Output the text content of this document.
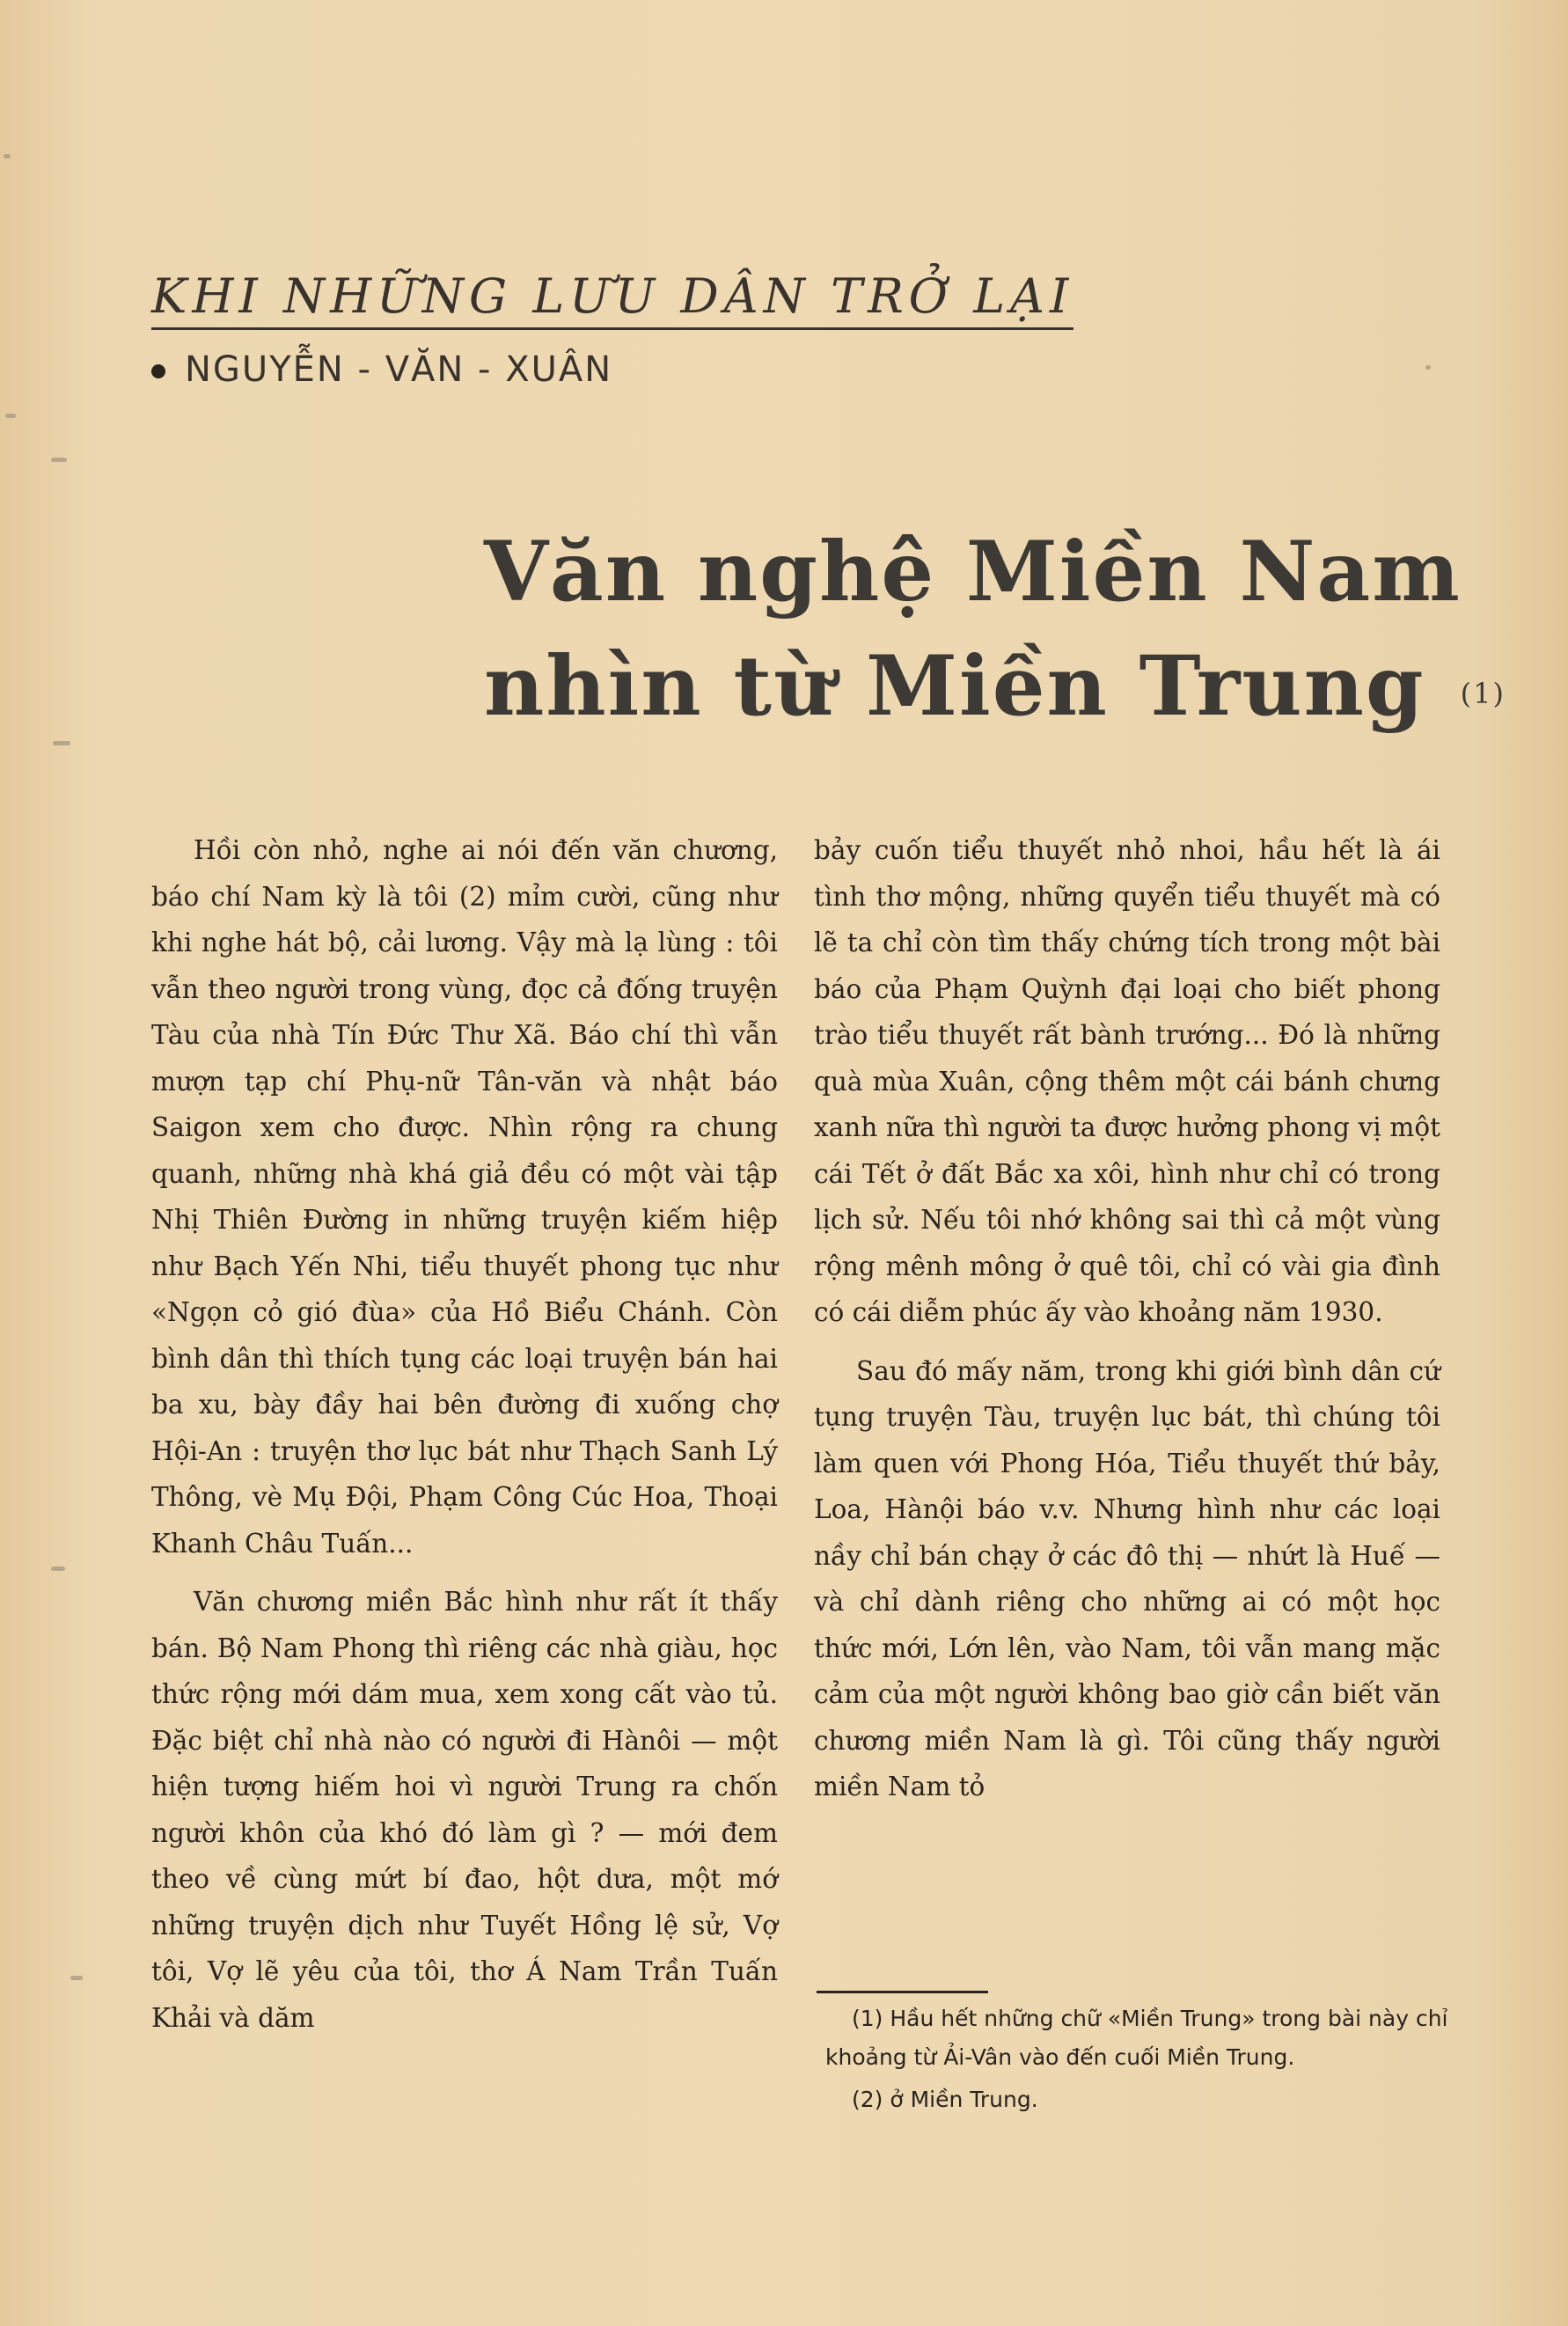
KHI NHỮNG LƯU DÂN TRỞ LẠI
NGUYỄN - VĂN - XUÂN
Văn nghệ Miền Nam
nhìn từ Miền Trung (1)

Hồi còn nhỏ, nghe ai nói đến văn chương, báo chí Nam kỳ là tôi (2) mỉm cười, cũng như khi nghe hát bộ, cải lương. Vậy mà lạ lùng : tôi vẫn theo người trong vùng, đọc cả đống truyện Tàu của nhà Tín Đức Thư Xã. Báo chí thì vẫn mượn tạp chí Phụ-nữ Tân-văn và nhật báo Saigon xem cho được. Nhìn rộng ra chung quanh, những nhà khá giả đều có một vài tập Nhị Thiên Đường in những truyện kiếm hiệp như Bạch Yến Nhi, tiểu thuyết phong tục như «Ngọn cỏ gió đùa» của Hồ Biểu Chánh. Còn bình dân thì thích tụng các loại truyện bán hai ba xu, bày đầy hai bên đường đi xuống chợ Hội-An : truyện thơ lục bát như Thạch Sanh Lý Thông, vè Mụ Đội, Phạm Công Cúc Hoa, Thoại Khanh Châu Tuấn...

Văn chương miền Bắc hình như rất ít thấy bán. Bộ Nam Phong thì riêng các nhà giàu, học thức rộng mới dám mua, xem xong cất vào tủ. Đặc biệt chỉ nhà nào có người đi Hànôi — một hiện tượng hiếm hoi vì người Trung ra chốn người khôn của khó đó làm gì ? — mới đem theo về cùng mứt bí đao, hột dưa, một mớ những truyện dịch như Tuyết Hồng lệ sử, Vợ tôi, Vợ lẽ yêu của tôi, thơ Á Nam Trần Tuấn Khải và dăm

bảy cuốn tiểu thuyết nhỏ nhoi, hầu hết là ái tình thơ mộng, những quyển tiểu thuyết mà có lẽ ta chỉ còn tìm thấy chứng tích trong một bài báo của Phạm Quỳnh đại loại cho biết phong trào tiểu thuyết rất bành trướng... Đó là những quà mùa Xuân, cộng thêm một cái bánh chưng xanh nữa thì người ta được hưởng phong vị một cái Tết ở đất Bắc xa xôi, hình như chỉ có trong lịch sử. Nếu tôi nhớ không sai thì cả một vùng rộng mênh mông ở quê tôi, chỉ có vài gia đình có cái diễm phúc ấy vào khoảng năm 1930.

Sau đó mấy năm, trong khi giới bình dân cứ tụng truyện Tàu, truyện lục bát, thì chúng tôi làm quen với Phong Hóa, Tiểu thuyết thứ bảy, Loa, Hànội báo v.v. Nhưng hình như các loại nầy chỉ bán chạy ở các đô thị — nhứt là Huế — và chỉ dành riêng cho những ai có một học thức mới, Lớn lên, vào Nam, tôi vẫn mang mặc cảm của một người không bao giờ cần biết văn chương miền Nam là gì. Tôi cũng thấy người miền Nam tỏ

(1) Hầu hết những chữ «Miền Trung» trong bài này chỉ khoảng từ Ải-Vân vào đến cuối Miền Trung.

(2) ở Miền Trung.
